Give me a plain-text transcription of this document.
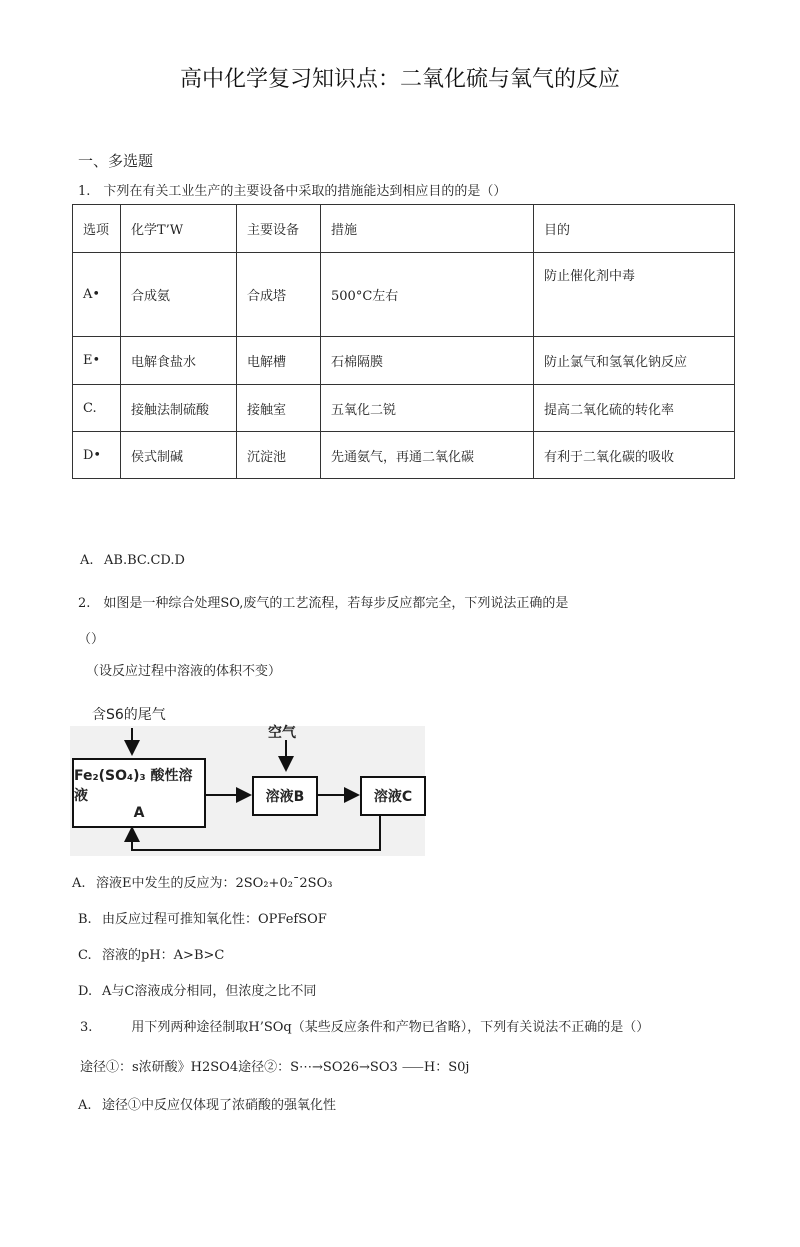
高中化学复习知识点：二氧化硫与氧气的反应
一、多选题
1.　卞列在有关工业生产的主要设备中采取的措施能达到相应目的的是（）
选项	化学T’W	主要设备	措施	目的
A•	合成氨	合成塔	500°C左右	防止催化剂中毒
E•	电解食盐水	电解槽	石棉隔膜	防止氯气和氢氧化钠反应
C.	接触法制硫酸	接触室	五氧化二锐	提高二氧化硫的转化率
D•	侯式制碱	沉淀池	先通氨气，再通二氧化碳	有利于二氧化碳的吸收
A. AB.BC.CD.D
2.　如图是一种综合处理SO,废气的工艺流程，若每步反应都完全，下列说法正确的是
（）
（设反应过程中溶液的体积不变）
含S6的尾气
空气
Fe₂(SO₄)₃ 酸性溶液
A
溶液B	溶液C
A. 溶液E中发生的反应为：2SO₂+0₂ˉ2SO₃
B. 由反应过程可推知氧化性：OPFefSOF
C. 溶液的pH：A>B>C
D. A与C溶液成分相同，但浓度之比不同
3.　　　用下列两种途径制取H’SOq（某些反应条件和产物已省略），下列有关说法不正确的是（）
途径①：s浓研酸》H2SO4途径②：S⋯→SO26→SO3 ⸺H：S0j
A. 途径①中反应仅体现了浓硝酸的强氧化性
